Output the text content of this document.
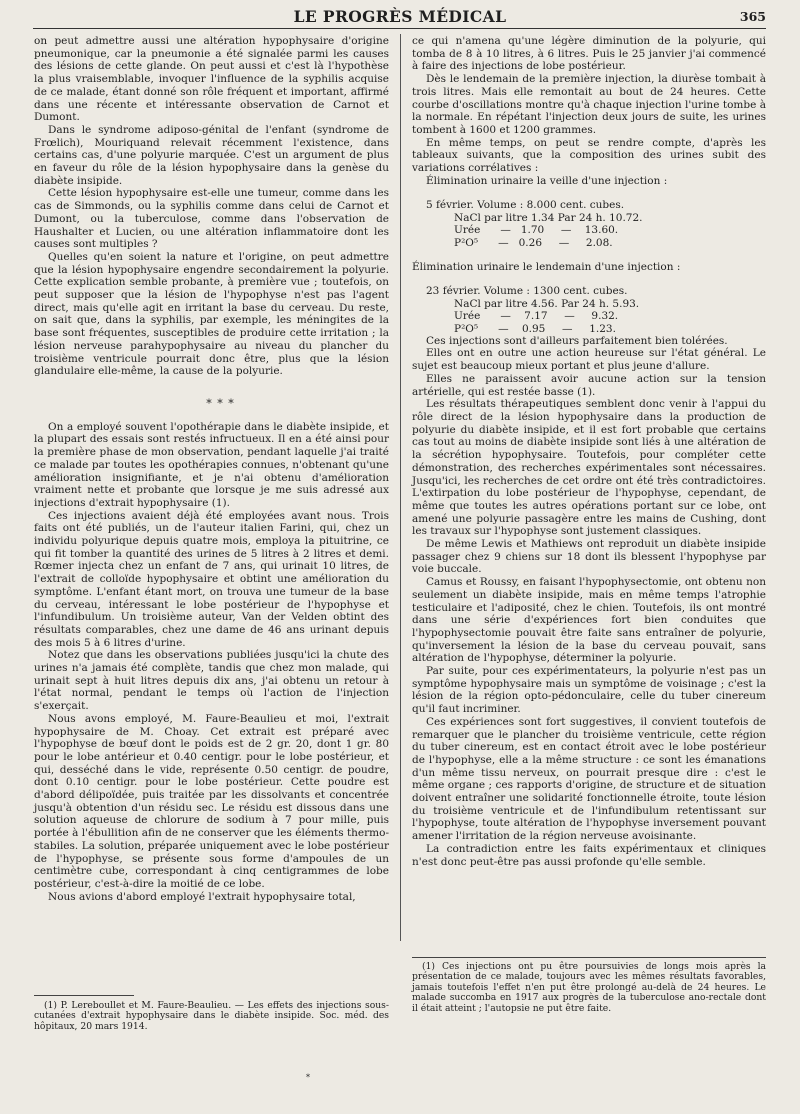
LE PROGRÈS MÉDICAL	365

on peut admettre aussi une altération hypophysaire d'origine pneumonique, car la pneumonie a été signalée parmi les causes des lésions de cette glande. On peut aussi et c'est là l'hypothèse la plus vraisemblable, invoquer l'influence de la syphilis acquise de ce malade, étant donné son rôle fréquent et important, affirmé dans une récente et intéressante observation de Carnot et Dumont.

Dans le syndrome adiposo-génital de l'enfant (syndrome de Frœlich), Mouriquand relevait récemment l'existence, dans certains cas, d'une polyurie marquée. C'est un argument de plus en faveur du rôle de la lésion hypophysaire dans la genèse du diabète insipide.

Cette lésion hypophysaire est-elle une tumeur, comme dans les cas de Simmonds, ou la syphilis comme dans celui de Carnot et Dumont, ou la tuberculose, comme dans l'observation de Haushalter et Lucien, ou une altération inflammatoire dont les causes sont multiples ?

Quelles qu'en soient la nature et l'origine, on peut admettre que la lésion hypophysaire engendre secondairement la polyurie. Cette explication semble probante, à première vue ; toutefois, on peut supposer que la lésion de l'hypophyse n'est pas l'agent direct, mais qu'elle agit en irritant la base du cerveau. Du reste, on sait que, dans la syphilis, par exemple, les méningites de la base sont fréquentes, susceptibles de produire cette irritation ; la lésion nerveuse parahypophysaire au niveau du plancher du troisième ventricule pourrait donc être, plus que la lésion glandulaire elle-même, la cause de la polyurie.

* * *

On a employé souvent l'opothérapie dans le diabète insipide, et la plupart des essais sont restés infructueux. Il en a été ainsi pour la première phase de mon observation, pendant laquelle j'ai traité ce malade par toutes les opothérapies connues, n'obtenant qu'une amélioration insignifiante, et je n'ai obtenu d'amélioration vraiment nette et probante que lorsque je me suis adressé aux injections d'extrait hypophysaire (1).

Ces injections avaient déjà été employées avant nous. Trois faits ont été publiés, un de l'auteur italien Farini, qui, chez un individu polyurique depuis quatre mois, employa la pituitrine, ce qui fit tomber la quantité des urines de 5 litres à 2 litres et demi. Rœmer injecta chez un enfant de 7 ans, qui urinait 10 litres, de l'extrait de colloïde hypophysaire et obtint une amélioration du symptôme. L'enfant étant mort, on trouva une tumeur de la base du cerveau, intéressant le lobe postérieur de l'hypophyse et l'infundibulum. Un troisième auteur, Van der Velden obtint des résultats comparables, chez une dame de 46 ans urinant depuis des mois 5 à 6 litres d'urine.

Notez que dans les observations publiées jusqu'ici la chute des urines n'a jamais été complète, tandis que chez mon malade, qui urinait sept à huit litres depuis dix ans, j'ai obtenu un retour à l'état normal, pendant le temps où l'action de l'injection s'exerçait.

Nous avons employé, M. Faure-Beaulieu et moi, l'extrait hypophysaire de M. Choay. Cet extrait est préparé avec l'hypophyse de bœuf dont le poids est de 2 gr. 20, dont 1 gr. 80 pour le lobe antérieur et 0.40 centigr. pour le lobe postérieur, et qui, desséché dans le vide, représente 0.50 centigr. de poudre, dont 0.10 centigr. pour le lobe postérieur. Cette poudre est d'abord délipoïdée, puis traitée par les dissolvants et concentrée jusqu'à obtention d'un résidu sec. Le résidu est dissous dans une solution aqueuse de chlorure de sodium à 7 pour mille, puis portée à l'ébullition afin de ne conserver que les éléments thermo-stabiles. La solution, préparée uniquement avec le lobe postérieur de l'hypophyse, se présente sous forme d'ampoules de un centimètre cube, correspondant à cinq centigrammes de lobe postérieur, c'est-à-dire la moitié de ce lobe.

Nous avions d'abord employé l'extrait hypophysaire total,

ce qui n'amena qu'une légère diminution de la polyurie, qui tomba de 8 à 10 litres, à 6 litres. Puis le 25 janvier j'ai commencé à faire des injections de lobe postérieur.

Dès le lendemain de la première injection, la diurèse tombait à trois litres. Mais elle remontait au bout de 24 heures. Cette courbe d'oscillations montre qu'à chaque injection l'urine tombe à la normale. En répétant l'injection deux jours de suite, les urines tombent à 1600 et 1200 grammes.

En même temps, on peut se rendre compte, d'après les tableaux suivants, que la composition des urines subit des variations corrélatives :

Élimination urinaire la veille d'une injection :

5 février. Volume : 8.000 cent. cubes.

NaCl par litre 1.34 Par 24 h. 10.72.
Urée      —   1.70     —    13.60.
P²O⁵      —   0.26     —     2.08.

Élimination urinaire le lendemain d'une injection :

23 février. Volume : 1300 cent. cubes.

NaCl par litre 4.56. Par 24 h. 5.93.
Urée      —    7.17     —     9.32.
P²O⁵      —    0.95     —     1.23.

Ces injections sont d'ailleurs parfaitement bien tolérées.

Elles ont en outre une action heureuse sur l'état général. Le sujet est beaucoup mieux portant et plus jeune d'allure.

Elles ne paraissent avoir aucune action sur la tension artérielle, qui est restée basse (1).

Les résultats thérapeutiques semblent donc venir à l'appui du rôle direct de la lésion hypophysaire dans la production de polyurie du diabète insipide, et il est fort probable que certains cas tout au moins de diabète insipide sont liés à une altération de la sécrétion hypophysaire. Toutefois, pour compléter cette démonstration, des recherches expérimentales sont nécessaires. Jusqu'ici, les recherches de cet ordre ont été très contradictoires. L'extirpation du lobe postérieur de l'hypophyse, cependant, de même que toutes les autres opérations portant sur ce lobe, ont amené une polyurie passagère entre les mains de Cushing, dont les travaux sur l'hypophyse sont justement classiques.

De même Lewis et Mathiews ont reproduit un diabète insipide passager chez 9 chiens sur 18 dont ils blessent l'hypophyse par voie buccale.

Camus et Roussy, en faisant l'hypophysectomie, ont obtenu non seulement un diabète insipide, mais en même temps l'atrophie testiculaire et l'adiposité, chez le chien. Toutefois, ils ont montré dans une série d'expériences fort bien conduites que l'hypophysectomie pouvait être faite sans entraîner de polyurie, qu'inversement la lésion de la base du cerveau pouvait, sans altération de l'hypophyse, déterminer la polyurie.

Par suite, pour ces expérimentateurs, la polyurie n'est pas un symptôme hypophysaire mais un symptôme de voisinage ; c'est la lésion de la région opto-pédonculaire, celle du tuber cinereum qu'il faut incriminer.

Ces expériences sont fort suggestives, il convient toutefois de remarquer que le plancher du troisième ventricule, cette région du tuber cinereum, est en contact étroit avec le lobe postérieur de l'hypophyse, elle a la même structure : ce sont les émanations d'un même tissu nerveux, on pourrait presque dire : c'est le même organe ; ces rapports d'origine, de structure et de situation doivent entraîner une solidarité fonctionnelle étroite, toute lésion du troisième ventricule et de l'infundibulum retentissant sur l'hypophyse, toute altération de l'hypophyse inversement pouvant amener l'irritation de la région nerveuse avoisinante.

La contradiction entre les faits expérimentaux et cliniques n'est donc peut-être pas aussi profonde qu'elle semble.

(1) P. Lereboullet et M. Faure-Beaulieu. — Les effets des injections sous-cutanées d'extrait hypophysaire dans le diabète insipide. Soc. méd. des hôpitaux, 20 mars 1914.

(1) Ces injections ont pu être poursuivies de longs mois après la présentation de ce malade, toujours avec les mêmes résultats favorables, jamais toutefois l'effet n'en put être prolongé au-delà de 24 heures. Le malade succomba en 1917 aux progrès de la tuberculose ano-rectale dont il était atteint ; l'autopsie ne put être faite.

*
